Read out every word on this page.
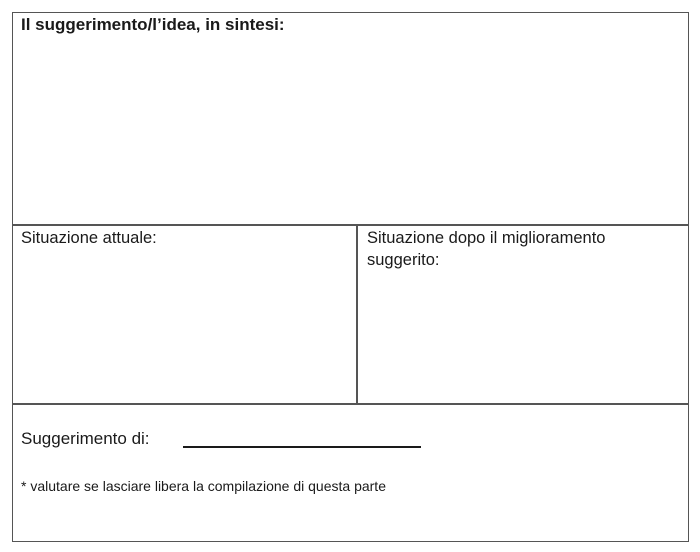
Il suggerimento/l’idea, in sintesi:
Situazione attuale:	Situazione dopo il miglioramento
suggerito:
Suggerimento di:
* valutare se lasciare libera la compilazione di questa parte
